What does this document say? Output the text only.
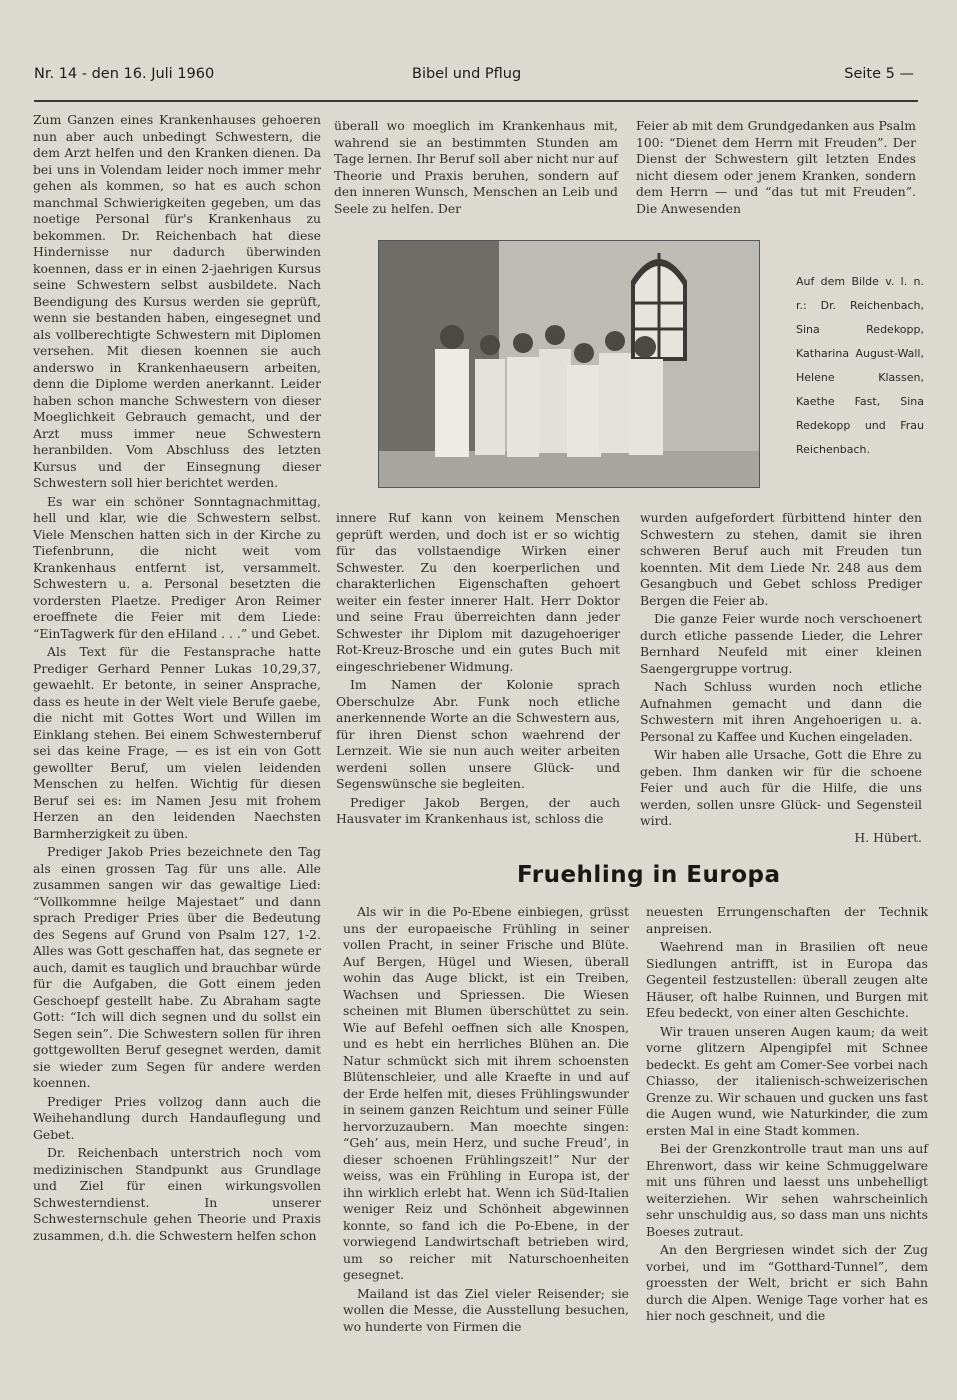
Nr. 14 - den 16. Juli 1960	Bibel und Pflug	Seite 5 —

Zum Ganzen eines Krankenhauses gehoeren nun aber auch unbedingt Schwestern, die dem Arzt helfen und den Kranken dienen. Da bei uns in Volendam leider noch immer mehr gehen als kommen, so hat es auch schon manchmal Schwierigkeiten gegeben, um das noetige Personal für's Krankenhaus zu bekommen. Dr. Reichenbach hat diese Hindernisse nur dadurch überwinden koennen, dass er in einen 2-jaehrigen Kursus seine Schwestern selbst ausbildete. Nach Beendigung des Kursus werden sie geprüft, wenn sie bestanden haben, eingesegnet und als vollberechtigte Schwestern mit Diplomen versehen. Mit diesen koennen sie auch anderswo in Krankenhaeusern arbeiten, denn die Diplome werden anerkannt. Leider haben schon manche Schwestern von dieser Moeglichkeit Gebrauch gemacht, und der Arzt muss immer neue Schwestern heranbilden. Vom Abschluss des letzten Kursus und der Einsegnung dieser Schwestern soll hier berichtet werden.

Es war ein schöner Sonntagnachmittag, hell und klar, wie die Schwestern selbst. Viele Menschen hatten sich in der Kirche zu Tiefenbrunn, die nicht weit vom Krankenhaus entfernt ist, versammelt. Schwestern u. a. Personal besetzten die vordersten Plaetze. Prediger Aron Reimer eroeffnete die Feier mit dem Liede: “EinTagwerk für den eHiland . . .” und Gebet.

Als Text für die Festansprache hatte Prediger Gerhard Penner Lukas 10,29,37, gewaehlt. Er betonte, in seiner Ansprache, dass es heute in der Welt viele Berufe gaebe, die nicht mit Gottes Wort und Willen im Einklang stehen. Bei einem Schwesternberuf sei das keine Frage, — es ist ein von Gott gewollter Beruf, um vielen leidenden Menschen zu helfen. Wichtig für diesen Beruf sei es: im Namen Jesu mit frohem Herzen an den leidenden Naechsten Barmherzigkeit zu üben.

Prediger Jakob Pries bezeichnete den Tag als einen grossen Tag für uns alle. Alle zusammen sangen wir das gewaltige Lied: “Vollkommne heilge Majestaet” und dann sprach Prediger Pries über die Bedeutung des Segens auf Grund von Psalm 127, 1-2. Alles was Gott geschaffen hat, das segnete er auch, damit es tauglich und brauchbar würde für die Aufgaben, die Gott einem jeden Geschoepf gestellt habe. Zu Abraham sagte Gott: “Ich will dich segnen und du sollst ein Segen sein”. Die Schwestern sollen für ihren gottgewollten Beruf gesegnet werden, damit sie wieder zum Segen für andere werden koennen.

Prediger Pries vollzog dann auch die Weihehandlung durch Handauflegung und Gebet.

Dr. Reichenbach unterstrich noch vom medizinischen Standpunkt aus Grundlage und Ziel für einen wirkungsvollen Schwesterndienst. In unserer Schwesternschule gehen Theorie und Praxis zusammen, d.h. die Schwestern helfen schon

überall wo moeglich im Krankenhaus mit, wahrend sie an bestimmten Stunden am Tage lernen. Ihr Beruf soll aber nicht nur auf Theorie und Praxis beruhen, sondern auf den inneren Wunsch, Menschen an Leib und Seele zu helfen. Der

Feier ab mit dem Grundgedanken aus Psalm 100: “Dienet dem Herrn mit Freuden”. Der Dienst der Schwestern gilt letzten Endes nicht diesem oder jenem Kranken, sondern dem Herrn — und “das tut mit Freuden”. Die Anwesenden

Auf dem Bilde v. l. n. r.: Dr. Reichenbach, Sina Redekopp, Katharina August-Wall, Helene Klassen, Kaethe Fast, Sina Redekopp und Frau Reichenbach.

innere Ruf kann von keinem Menschen geprüft werden, und doch ist er so wichtig für das vollstaendige Wirken einer Schwester. Zu den koerperlichen und charakterlichen Eigenschaften gehoert weiter ein fester innerer Halt. Herr Doktor und seine Frau überreichten dann jeder Schwester ihr Diplom mit dazugehoeriger Rot-Kreuz-Brosche und ein gutes Buch mit eingeschriebener Widmung.

Im Namen der Kolonie sprach Oberschulze Abr. Funk noch etliche anerkennende Worte an die Schwestern aus, für ihren Dienst schon waehrend der Lernzeit. Wie sie nun auch weiter arbeiten werdeni sollen unsere Glück- und Segenswünsche sie begleiten.

Prediger Jakob Bergen, der auch Hausvater im Krankenhaus ist, schloss die

wurden aufgefordert fürbittend hinter den Schwestern zu stehen, damit sie ihren schweren Beruf auch mit Freuden tun koennten. Mit dem Liede Nr. 248 aus dem Gesangbuch und Gebet schloss Prediger Bergen die Feier ab.

Die ganze Feier wurde noch verschoenert durch etliche passende Lieder, die Lehrer Bernhard Neufeld mit einer kleinen Saengergruppe vortrug.

Nach Schluss wurden noch etliche Aufnahmen gemacht und dann die Schwestern mit ihren Angehoerigen u. a. Personal zu Kaffee und Kuchen eingeladen.

Wir haben alle Ursache, Gott die Ehre zu geben. Ihm danken wir für die schoene Feier und auch für die Hilfe, die uns werden, sollen unsre Glück- und Segensteil wird.

H. Hübert.
Fruehling in Europa

Als wir in die Po-Ebene einbiegen, grüsst uns der europaeische Frühling in seiner vollen Pracht, in seiner Frische und Blüte. Auf Bergen, Hügel und Wiesen, überall wohin das Auge blickt, ist ein Treiben, Wachsen und Spriessen. Die Wiesen scheinen mit Blumen überschüttet zu sein. Wie auf Befehl oeffnen sich alle Knospen, und es hebt ein herrliches Blühen an. Die Natur schmückt sich mit ihrem schoensten Blütenschleier, und alle Kraefte in und auf der Erde helfen mit, dieses Frühlingswunder in seinem ganzen Reichtum und seiner Fülle hervorzuzaubern. Man moechte singen: “Geh’ aus, mein Herz, und suche Freud’, in dieser schoenen Frühlingszeit!” Nur der weiss, was ein Frühling in Europa ist, der ihn wirklich erlebt hat. Wenn ich Süd-Italien weniger Reiz und Schönheit abgewinnen konnte, so fand ich die Po-Ebene, in der vorwiegend Landwirtschaft betrieben wird, um so reicher mit Naturschoenheiten gesegnet.

Mailand ist das Ziel vieler Reisender; sie wollen die Messe, die Ausstellung besuchen, wo hunderte von Firmen die

neuesten Errungenschaften der Technik anpreisen.

Waehrend man in Brasilien oft neue Siedlungen antrifft, ist in Europa das Gegenteil festzustellen: überall zeugen alte Häuser, oft halbe Ruinnen, und Burgen mit Efeu bedeckt, von einer alten Geschichte.

Wir trauen unseren Augen kaum; da weit vorne glitzern Alpengipfel mit Schnee bedeckt. Es geht am Comer-See vorbei nach Chiasso, der italienisch-schweizerischen Grenze zu. Wir schauen und gucken uns fast die Augen wund, wie Naturkinder, die zum ersten Mal in eine Stadt kommen.

Bei der Grenzkontrolle traut man uns auf Ehrenwort, dass wir keine Schmuggelware mit uns führen und laesst uns unbehelligt weiterziehen. Wir sehen wahrscheinlich sehr unschuldig aus, so dass man uns nichts Boeses zutraut.

An den Bergriesen windet sich der Zug vorbei, und im “Gotthard-Tunnel”, dem groessten der Welt, bricht er sich Bahn durch die Alpen. Wenige Tage vorher hat es hier noch geschneit, und die
